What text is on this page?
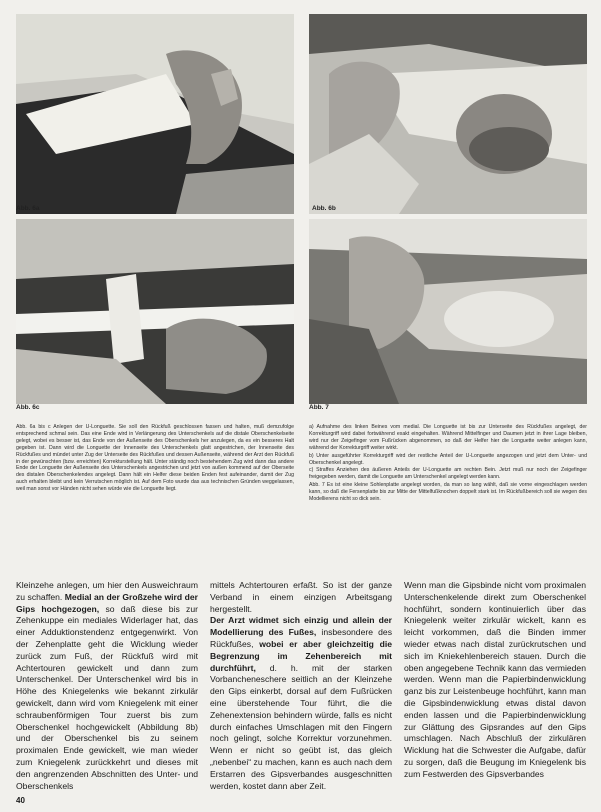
Abb. 6a	Abb. 6b
Abb. 6c	Abb. 7

Abb. 6a bis c Anlegen der U-Longuette. Sie soll den Rückfuß geschlossen fassen und halten, muß demzufolge entsprechend schmal sein. Das eine Ende wird in Verlängerung des Unterschenkels auf die distale Oberschenkelseite gelegt, wobei es besser ist, das Ende von der Außenseite des Oberschenkels her anzulegen, da es ein besseres Halt gegeben ist. Dann wird die Longuette der Innenseite des Unterschenkels glatt angestrichen, der Innenseite des Rückfußes und mündet unter Zug der Unterseite des Rückfußes und dessen Außenseite, während der Arzt den Rückfuß in der gewünschten (bzw. erreichten) Korrekturstellung hält. Unter ständig noch bestehendem Zug wird dann das andere Ende der Longuette der Außenseite des Unterschenkels angestrichen und jetzt von außen kommend auf der Oberseite des distalen Oberschenkelendes angelegt. Dann hält ein Helfer diese beiden Enden fest aufeinander, damit der Zug auch erhalten bleibt und kein Verrutschen möglich ist. Auf dem Foto wurde das aus technischen Gründen weggelassen, weil man sonst vor Händen nicht sehen würde wie die Longuette liegt.

a) Aufnahme des linken Beines vom medial. Die Longuette ist bis zur Unterseite des Rückfußes angelegt, der Korrekturgriff wird dabei fortwährend exakt eingehalten. Während Mittelfinger und Daumen jetzt in ihrer Lage bleiben, wird nur der Zeigefinger vom Fußrücken abgenommen, so daß der Helfer hier die Longuette weiter anlegen kann, während der Korrekturgriff weiter wirkt.

b) Unter ausgeführter Korrekturgriff wird der restliche Anteil der U-Longuette angezogen und jetzt dem Unter- und Oberschenkel angelegt.

c) Straffes Anziehen des äußeren Anteils der U-Longuette am rechten Bein. Jetzt muß nur noch der Zeigefinger freigegeben werden, damit die Longuette am Unterschenkel angelegt werden kann.

Abb. 7 Es ist eine kleine Sohlenplatte angelegt worden, da man so lang wählt, daß sie vorne eingeschlagen werden kann, so daß die Fersenplatte bis zur Mitte der Mittelfußknochen doppelt stark ist. Im Rückfußbereich soll sie wegen des Modellierens nicht so dick sein.

Kleinzehe anlegen, um hier den Ausweichraum zu schaffen. Medial an der Großzehe wird der Gips hochgezogen, so daß diese bis zur Zehenkuppe ein mediales Widerlager hat, das einer Adduktionstendenz entgegenwirkt. Von der Zehenplatte geht die Wicklung wieder zurück zum Fuß, der Rückfuß wird mit Achtertouren gewickelt und dann zum Unterschenkel. Der Unterschenkel wird bis in Höhe des Kniegelenks wie bekannt zirkulär gewickelt, dann wird vom Kniegelenk mit einer schraubenförmigen Tour zuerst bis zum Oberschenkel hochgewickelt (Abbildung 8b) und der Oberschenkel bis zu seinem proximalen Ende gewickelt, wie man wieder zum Kniegelenk zurückkehrt und dieses mit den angrenzenden Abschnitten des Unter- und Oberschenkels

mittels Achtertouren erfaßt. So ist der ganze Verband in einem einzigen Arbeitsgang hergestellt.

Der Arzt widmet sich einzig und allein der Modellierung des Fußes, insbesondere des Rückfußes, wobei er aber gleichzeitig die Begrenzung im Zehenbereich mit durchführt, d. h. mit der starken Vorbancheneschere seitlich an der Kleinzehe den Gips einkerbt, dorsal auf dem Fußrücken eine überstehende Tour führt, die die Zehenextension behindern würde, falls es nicht durch einfaches Umschlagen mit den Fingern noch gelingt, solche Korrektur vorzunehmen. Wenn er nicht so geübt ist, das gleich „nebenbei“ zu machen, kann es auch nach dem Erstarren des Gipsverbandes ausgeschnitten werden, kostet dann aber Zeit.

Wenn man die Gipsbinde nicht vom proximalen Unterschenkelende direkt zum Oberschenkel hochführt, sondern kontinuierlich über das Kniegelenk weiter zirkulär wickelt, kann es leicht vorkommen, daß die Binden immer wieder etwas nach distal zurückrutschen und sich im Kniekehlenbereich stauen. Durch die oben angegebene Technik kann das vermieden werden. Wenn man die Papierbindenwicklung ganz bis zur Leistenbeuge hochführt, kann man die Gipsbindenwicklung etwas distal davon enden lassen und die Papierbindenwicklung zur Glättung des Gipsrandes auf den Gips umschlagen. Nach Abschluß der zirkulären Wicklung hat die Schwester die Aufgabe, dafür zu sorgen, daß die Beugung im Kniegelenk bis zum Festwerden des Gipsverbandes

40
